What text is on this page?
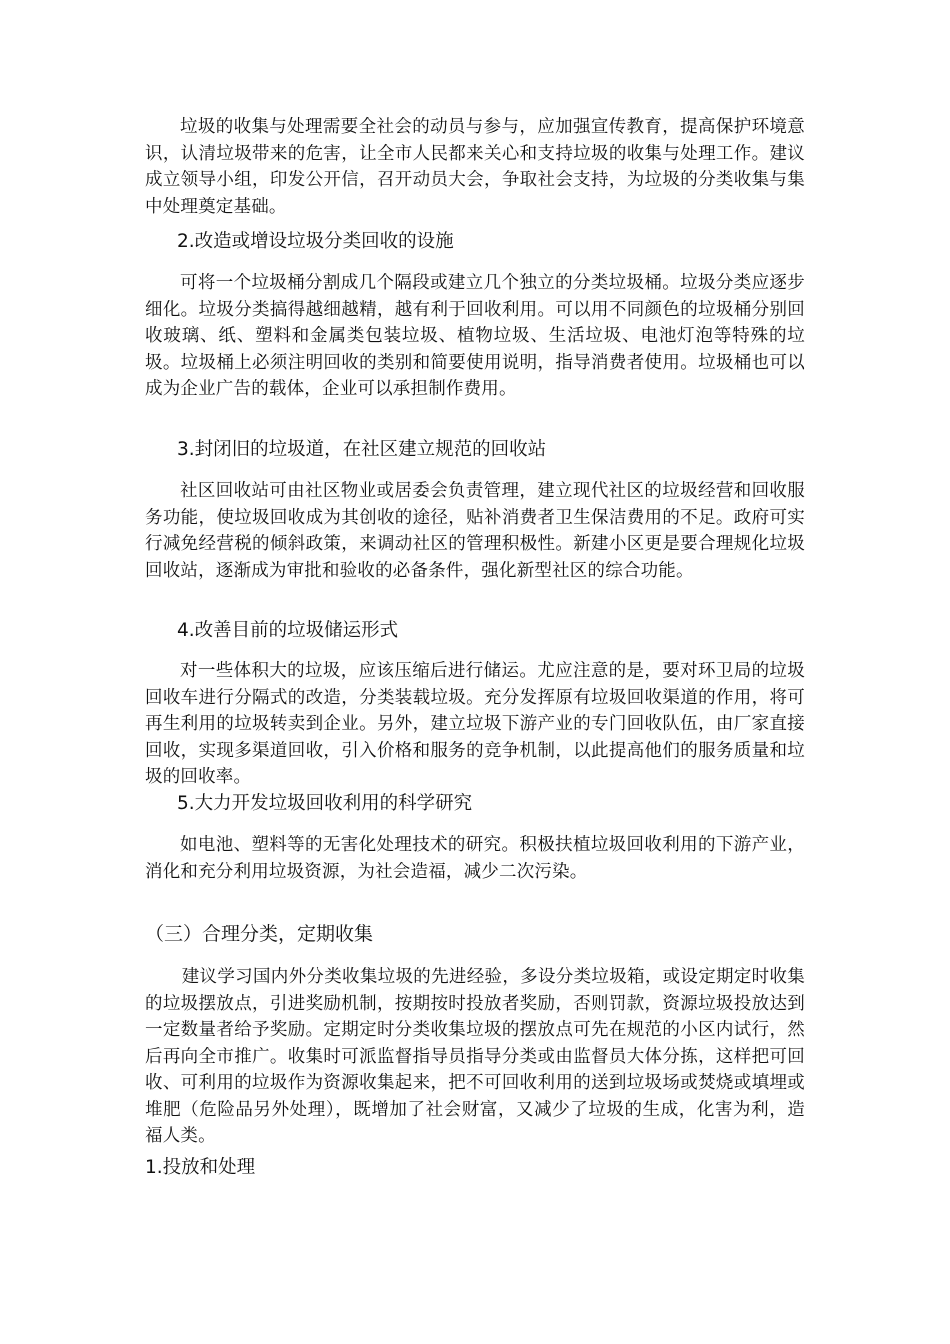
垃圾的收集与处理需要全社会的动员与参与，应加强宣传教育，提高保护环境意识，认清垃圾带来的危害，让全市人民都来关心和支持垃圾的收集与处理工作。建议成立领导小组，印发公开信，召开动员大会，争取社会支持，为垃圾的分类收集与集中处理奠定基础。

2.改造或增设垃圾分类回收的设施

可将一个垃圾桶分割成几个隔段或建立几个独立的分类垃圾桶。垃圾分类应逐步细化。垃圾分类搞得越细越精，越有利于回收利用。可以用不同颜色的垃圾桶分别回收玻璃、纸、塑料和金属类包装垃圾、植物垃圾、生活垃圾、电池灯泡等特殊的垃圾。垃圾桶上必须注明回收的类别和简要使用说明，指导消费者使用。垃圾桶也可以成为企业广告的载体，企业可以承担制作费用。

3.封闭旧的垃圾道，在社区建立规范的回收站

社区回收站可由社区物业或居委会负责管理，建立现代社区的垃圾经营和回收服务功能，使垃圾回收成为其创收的途径，贴补消费者卫生保洁费用的不足。政府可实行减免经营税的倾斜政策，来调动社区的管理积极性。新建小区更是要合理规化垃圾回收站，逐渐成为审批和验收的必备条件，强化新型社区的综合功能。

4.改善目前的垃圾储运形式

对一些体积大的垃圾，应该压缩后进行储运。尤应注意的是，要对环卫局的垃圾回收车进行分隔式的改造，分类装载垃圾。充分发挥原有垃圾回收渠道的作用，将可再生利用的垃圾转卖到企业。另外，建立垃圾下游产业的专门回收队伍，由厂家直接回收，实现多渠道回收，引入价格和服务的竞争机制，以此提高他们的服务质量和垃圾的回收率。

5.大力开发垃圾回收利用的科学研究

如电池、塑料等的无害化处理技术的研究。积极扶植垃圾回收利用的下游产业，消化和充分利用垃圾资源，为社会造福，减少二次污染。

（三）合理分类，定期收集

建议学习国内外分类收集垃圾的先进经验，多设分类垃圾箱，或设定期定时收集的垃圾摆放点，引进奖励机制，按期按时投放者奖励，否则罚款，资源垃圾投放达到一定数量者给予奖励。定期定时分类收集垃圾的摆放点可先在规范的小区内试行，然后再向全市推广。收集时可派监督指导员指导分类或由监督员大体分拣，这样把可回收、可利用的垃圾作为资源收集起来，把不可回收利用的送到垃圾场或焚烧或填埋或堆肥（危险品另外处理），既增加了社会财富，又减少了垃圾的生成，化害为利，造福人类。

1.投放和处理
